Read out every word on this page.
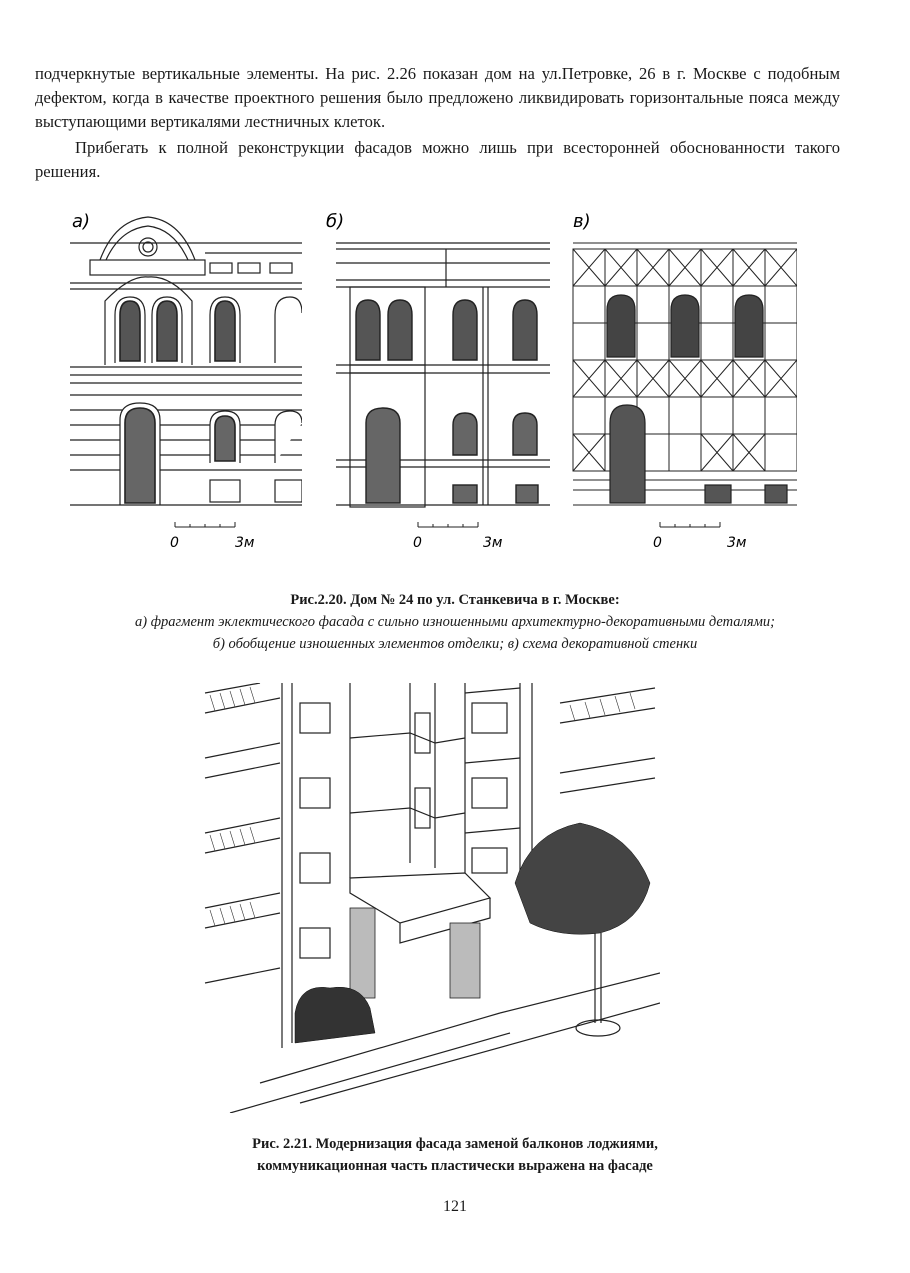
подчеркнутые вертикальные элементы. На рис. 2.26 показан дом на ул.Петровке, 26 в г. Москве с подобным дефектом, когда в качестве проектного решения было предложено ликвидировать горизонтальные пояса между выступающими вертикалями лестничных клеток.

Прибегать к полной реконструкции фасадов можно лишь при всесторонней обоснованности такого решения.

а)
0	3м
б)
0	3м
в)
0	3м

Рис.2.20. Дом № 24 по ул. Станкевича в г. Москве:
а) фрагмент эклектического фасада с сильно изношенными архитектурно-декоративными деталями;
б) обобщение изношенных элементов отделки; в) схема декоративной стенки

Рис. 2.21. Модернизация фасада заменой балконов лоджиями,
коммуникационная часть пластически выражена на фасаде

121
